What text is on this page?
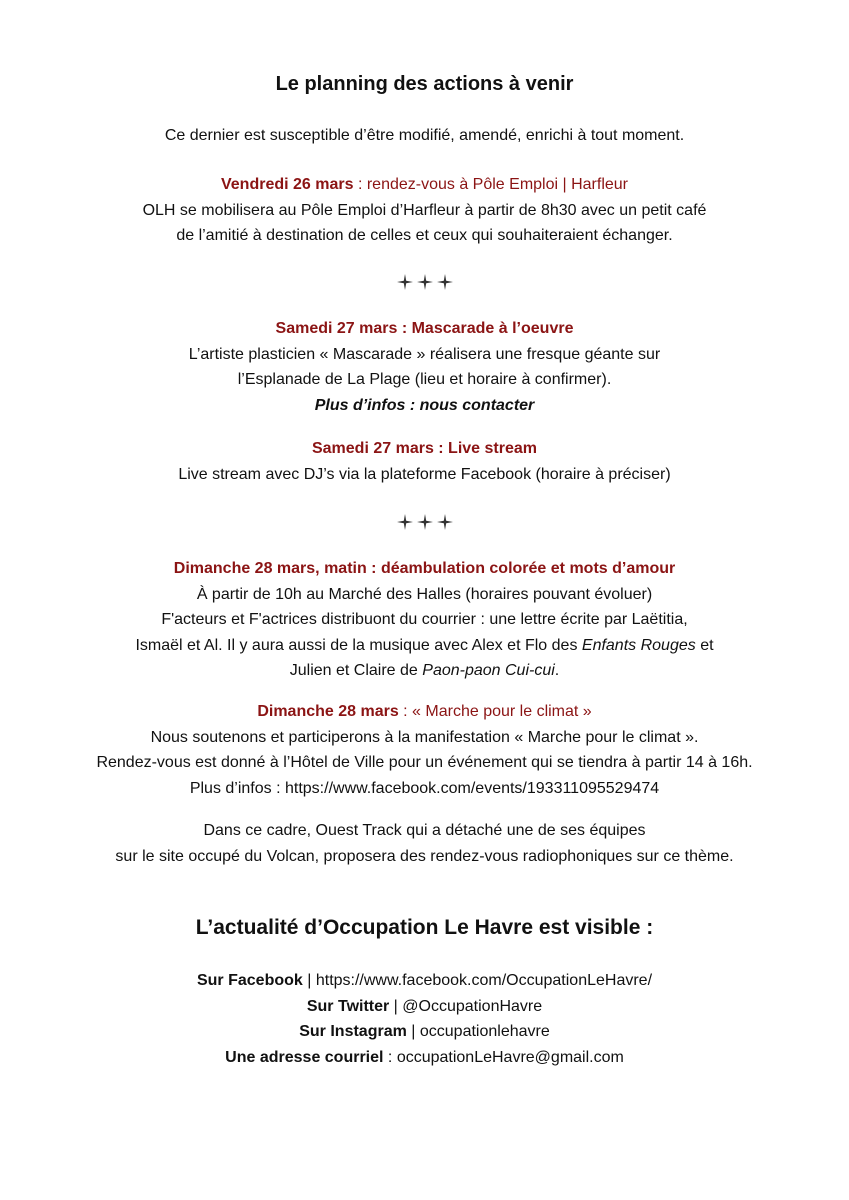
Le planning des actions à venir
Ce dernier est susceptible d’être modifié, amendé, enrichi à tout moment.
Vendredi 26 mars : rendez-vous à Pôle Emploi | Harfleur
OLH se mobilisera au Pôle Emploi d’Harfleur à partir de 8h30 avec un petit café
de l’amitié à destination de celles et ceux qui souhaiteraient échanger.
Samedi 27 mars : Mascarade à l’oeuvre
L’artiste plasticien « Mascarade » réalisera une fresque géante sur
l’Esplanade de La Plage (lieu et horaire à confirmer).
Plus d’infos : nous contacter
Samedi 27 mars : Live stream
Live stream avec DJ’s via la plateforme Facebook (horaire à préciser)
Dimanche 28 mars, matin : déambulation colorée et mots d’amour
À partir de 10h au Marché des Halles (horaires pouvant évoluer)
F'acteurs et F'actrices distribuont du courrier : une lettre écrite par Laëtitia,
Ismaël et Al. Il y aura aussi de la musique avec Alex et Flo des Enfants Rouges et
Julien et Claire de Paon-paon Cui-cui.
Dimanche 28 mars : « Marche pour le climat »
Nous soutenons et participerons à la manifestation « Marche pour le climat ».
Rendez-vous est donné à l’Hôtel de Ville pour un événement qui se tiendra à partir 14 à 16h.
Plus d’infos : https://www.facebook.com/events/193311095529474
Dans ce cadre, Ouest Track qui a détaché une de ses équipes
sur le site occupé du Volcan, proposera des rendez-vous radiophoniques sur ce thème.
L’actualité d’Occupation Le Havre est visible :
Sur Facebook | https://www.facebook.com/OccupationLeHavre/
Sur Twitter | @OccupationHavre
Sur Instagram | occupationlehavre
Une adresse courriel : occupationLeHavre@gmail.com
